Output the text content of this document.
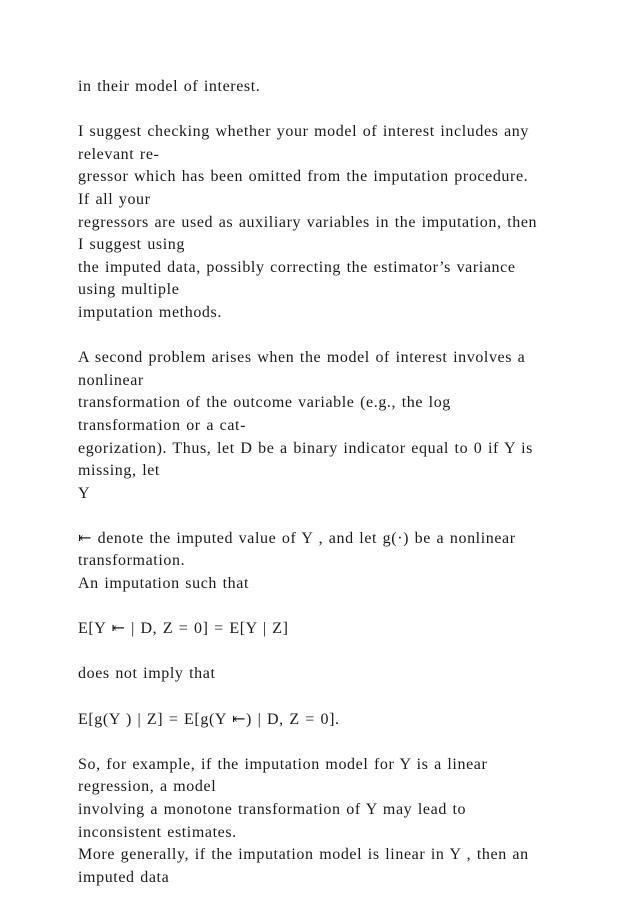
in their model of interest.
I suggest checking whether your model of interest includes any
relevant re-
gressor which has been omitted from the imputation procedure.
If all your
regressors are used as auxiliary variables in the imputation, then
I suggest using
the imputed data, possibly correcting the estimator’s variance
using multiple
imputation methods.
A second problem arises when the model of interest involves a
nonlinear
transformation of the outcome variable (e.g., the log
transformation or a cat-
egorization). Thus, let D be a binary indicator equal to 0 if Y is
missing, let
Y
⇤ denote the imputed value of Y , and let g(·) be a nonlinear
transformation.
An imputation such that
E[Y ⇤ | D, Z = 0] = E[Y | Z]
does not imply that
E[g(Y ) | Z] = E[g(Y ⇤) | D, Z = 0].
So, for example, if the imputation model for Y is a linear
regression, a model
involving a monotone transformation of Y may lead to
inconsistent estimates.
More generally, if the imputation model is linear in Y , then an
imputed data
